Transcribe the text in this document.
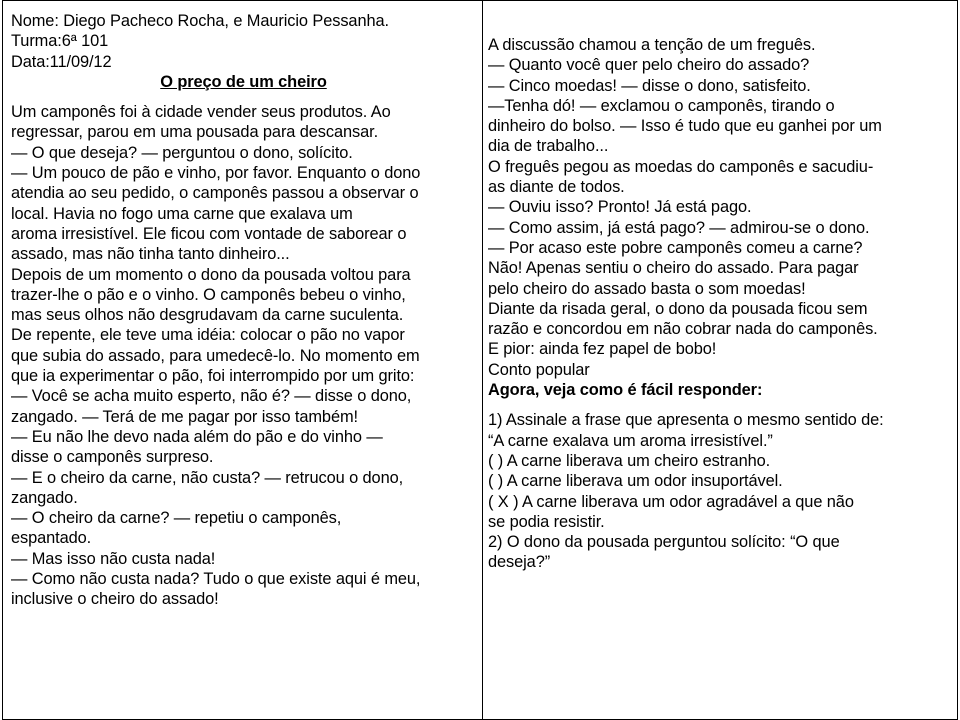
Nome: Diego Pacheco Rocha, e Mauricio Pessanha.
Turma:6ª 101
Data:11/09/12
O preço de um cheiro
Um camponês foi à cidade vender seus produtos. Ao
regressar, parou em uma pousada para descansar.
— O que deseja? — perguntou o dono, solícito.
— Um pouco de pão e vinho, por favor. Enquanto o dono
atendia ao seu pedido, o camponês passou a observar o
local. Havia no fogo uma carne que exalava um
aroma irresistível. Ele ficou com vontade de saborear o
assado, mas não tinha tanto dinheiro...
Depois de um momento o dono da pousada voltou para
trazer-lhe o pão e o vinho. O camponês bebeu o vinho,
mas seus olhos não desgrudavam da carne suculenta.
De repente, ele teve uma idéia: colocar o pão no vapor
que subia do assado, para umedecê-lo. No momento em
que ia experimentar o pão, foi interrompido por um grito:
— Você se acha muito esperto, não é? — disse o dono,
zangado. — Terá de me pagar por isso também!
— Eu não lhe devo nada além do pão e do vinho —
disse o camponês surpreso.
— E o cheiro da carne, não custa? — retrucou o dono,
zangado.
— O cheiro da carne? — repetiu o camponês,
espantado.
— Mas isso não custa nada!
— Como não custa nada? Tudo o que existe aqui é meu,
inclusive o cheiro do assado!
A discussão chamou a tenção de um freguês.
— Quanto você quer pelo cheiro do assado?
— Cinco moedas! — disse o dono, satisfeito.
—Tenha dó! — exclamou o camponês, tirando o
dinheiro do bolso. — Isso é tudo que eu ganhei por um
dia de trabalho...
O freguês pegou as moedas do camponês e sacudiu-
as diante de todos.
— Ouviu isso? Pronto! Já está pago.
— Como assim, já está pago? — admirou-se o dono.
— Por acaso este pobre camponês comeu a carne?
Não! Apenas sentiu o cheiro do assado. Para pagar
pelo cheiro do assado basta o som moedas!
Diante da risada geral, o dono da pousada ficou sem
razão e concordou em não cobrar nada do camponês.
E pior: ainda fez papel de bobo!
Conto popular
Agora, veja como é fácil responder:
1) Assinale a frase que apresenta o mesmo sentido de:
“A carne exalava um aroma irresistível.”
( ) A carne liberava um cheiro estranho.
( ) A carne liberava um odor insuportável.
( X ) A carne liberava um odor agradável a que não
se podia resistir.
2) O dono da pousada perguntou solícito: “O que
deseja?”
